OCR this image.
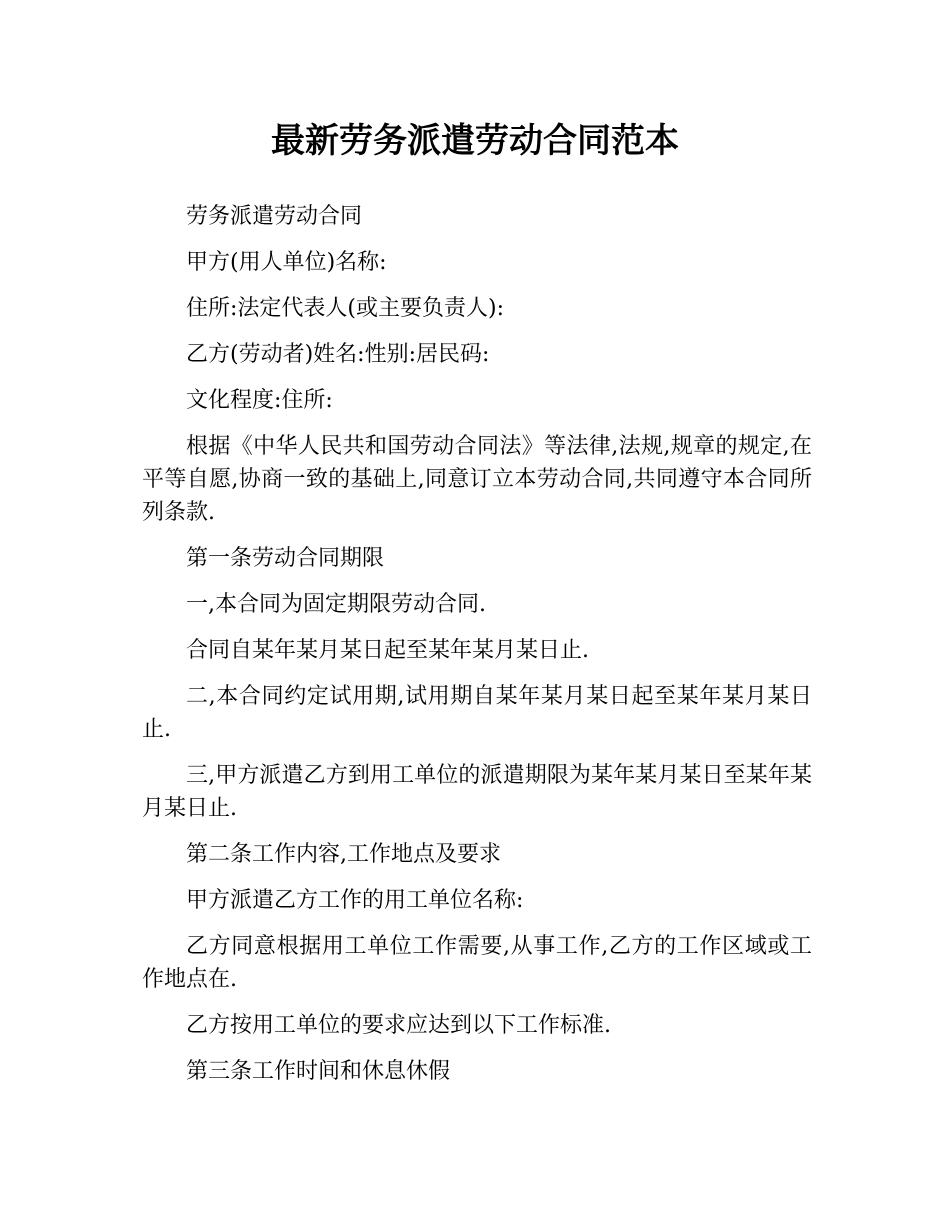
最新劳务派遣劳动合同范本

劳务派遣劳动合同

甲方(用人单位)名称:

住所:法定代表人(或主要负责人):

乙方(劳动者)姓名:性别:居民码:

文化程度:住所:

根据《中华人民共和国劳动合同法》等法律,法规,规章的规定,在平等自愿,协商一致的基础上,同意订立本劳动合同,共同遵守本合同所列条款.

第一条劳动合同期限

一,本合同为固定期限劳动合同.

合同自某年某月某日起至某年某月某日止.

二,本合同约定试用期,试用期自某年某月某日起至某年某月某日止.

三,甲方派遣乙方到用工单位的派遣期限为某年某月某日至某年某月某日止.

第二条工作内容,工作地点及要求

甲方派遣乙方工作的用工单位名称:

乙方同意根据用工单位工作需要,从事工作,乙方的工作区域或工作地点在.

乙方按用工单位的要求应达到以下工作标准.

第三条工作时间和休息休假
